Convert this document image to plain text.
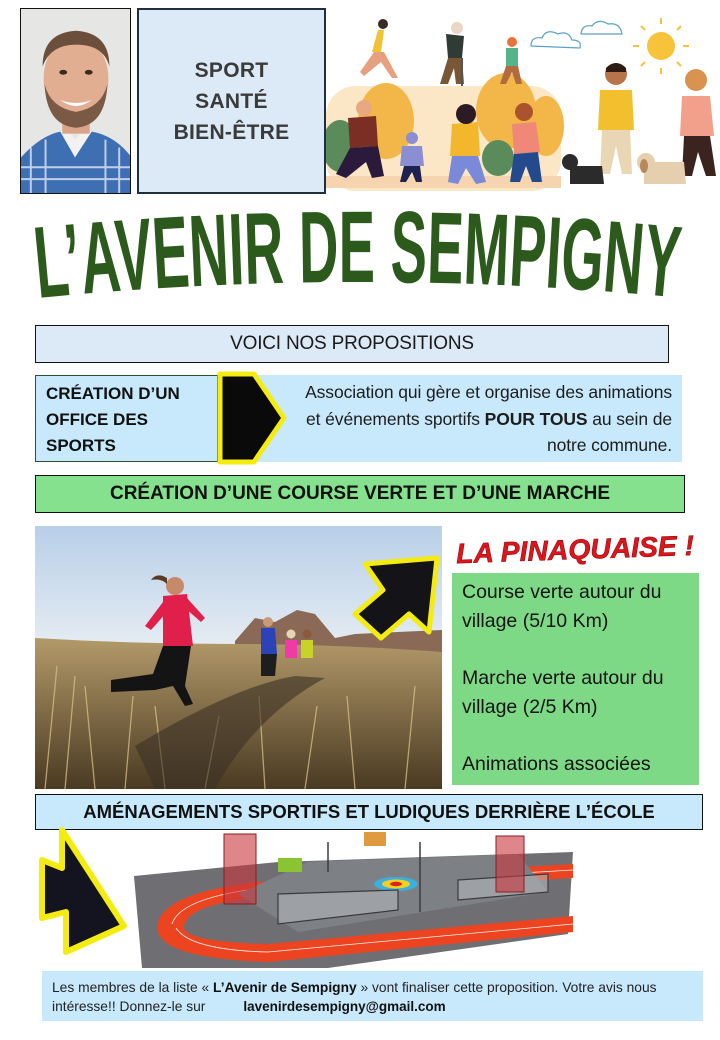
SPORT
SANTÉ
BIEN-ÊTRE
L’AVENIR DE SEMPIGNY
VOICI NOS PROPOSITIONS
Association qui gère et organise des animations et événements sportifs POUR TOUS au sein de notre commune.
CRÉATION D’UN
OFFICE DES
SPORTS
CRÉATION D’UNE COURSE VERTE ET D’UNE MARCHE
LA PINAQUAISE !

Course verte autour du village (5/10 Km)

Marche verte autour du village (2/5 Km)

Animations associées

AMÉNAGEMENTS SPORTIFS ET LUDIQUES DERRIÈRE L’ÉCOLE
Les membres de la liste « L’Avenir de Sempigny » vont finaliser cette proposition. Votre avis nous intéresse!! Donnez-le sur	lavenirdesempigny@gmail.com
